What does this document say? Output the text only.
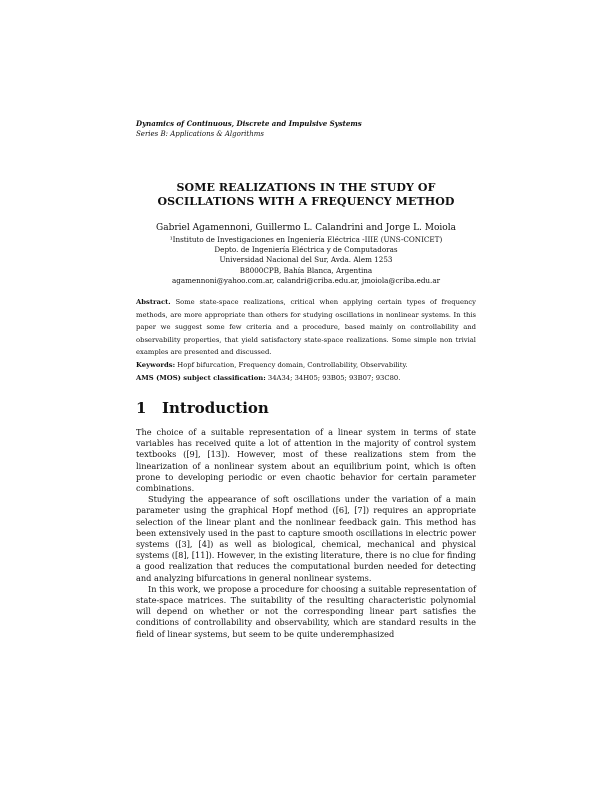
Dynamics of Continuous, Discrete and Impulsive Systems
Series B: Applications & Algorithms
SOME REALIZATIONS IN THE STUDY OF
OSCILLATIONS WITH A FREQUENCY METHOD
Gabriel Agamennoni, Guillermo L. Calandrini and Jorge L. Moiola
¹Instituto de Investigaciones en Ingeniería Eléctrica -IIIE (UNS-CONICET)
Depto. de Ingeniería Eléctrica y de Computadoras
Universidad Nacional del Sur, Avda. Alem 1253
B8000CPB, Bahía Blanca, Argentina
agamennoni@yahoo.com.ar, calandri@criba.edu.ar, jmoiola@criba.edu.ar
Abstract. Some state-space realizations, critical when applying certain types of frequency methods, are more appropriate than others for studying oscillations in nonlinear systems. In this paper we suggest some few criteria and a procedure, based mainly on controllability and observability properties, that yield satisfactory state-space realizations. Some simple non trivial examples are presented and discussed.
Keywords: Hopf bifurcation, Frequency domain, Controllability, Observability.
AMS (MOS) subject classification: 34A34; 34H05; 93B05; 93B07; 93C80.
1 Introduction

The choice of a suitable representation of a linear system in terms of state variables has received quite a lot of attention in the majority of control system textbooks ([9], [13]). However, most of these realizations stem from the linearization of a nonlinear system about an equilibrium point, which is often prone to developing periodic or even chaotic behavior for certain parameter combinations.

Studying the appearance of soft oscillations under the variation of a main parameter using the graphical Hopf method ([6], [7]) requires an appropriate selection of the linear plant and the nonlinear feedback gain. This method has been extensively used in the past to capture smooth oscillations in electric power systems ([3], [4]) as well as biological, chemical, mechanical and physical systems ([8], [11]). However, in the existing literature, there is no clue for finding a good realization that reduces the computational burden needed for detecting and analyzing bifurcations in general nonlinear systems.

In this work, we propose a procedure for choosing a suitable representation of state-space matrices. The suitability of the resulting characteristic polynomial will depend on whether or not the corresponding linear part satisfies the conditions of controllability and observability, which are standard results in the field of linear systems, but seem to be quite underemphasized
